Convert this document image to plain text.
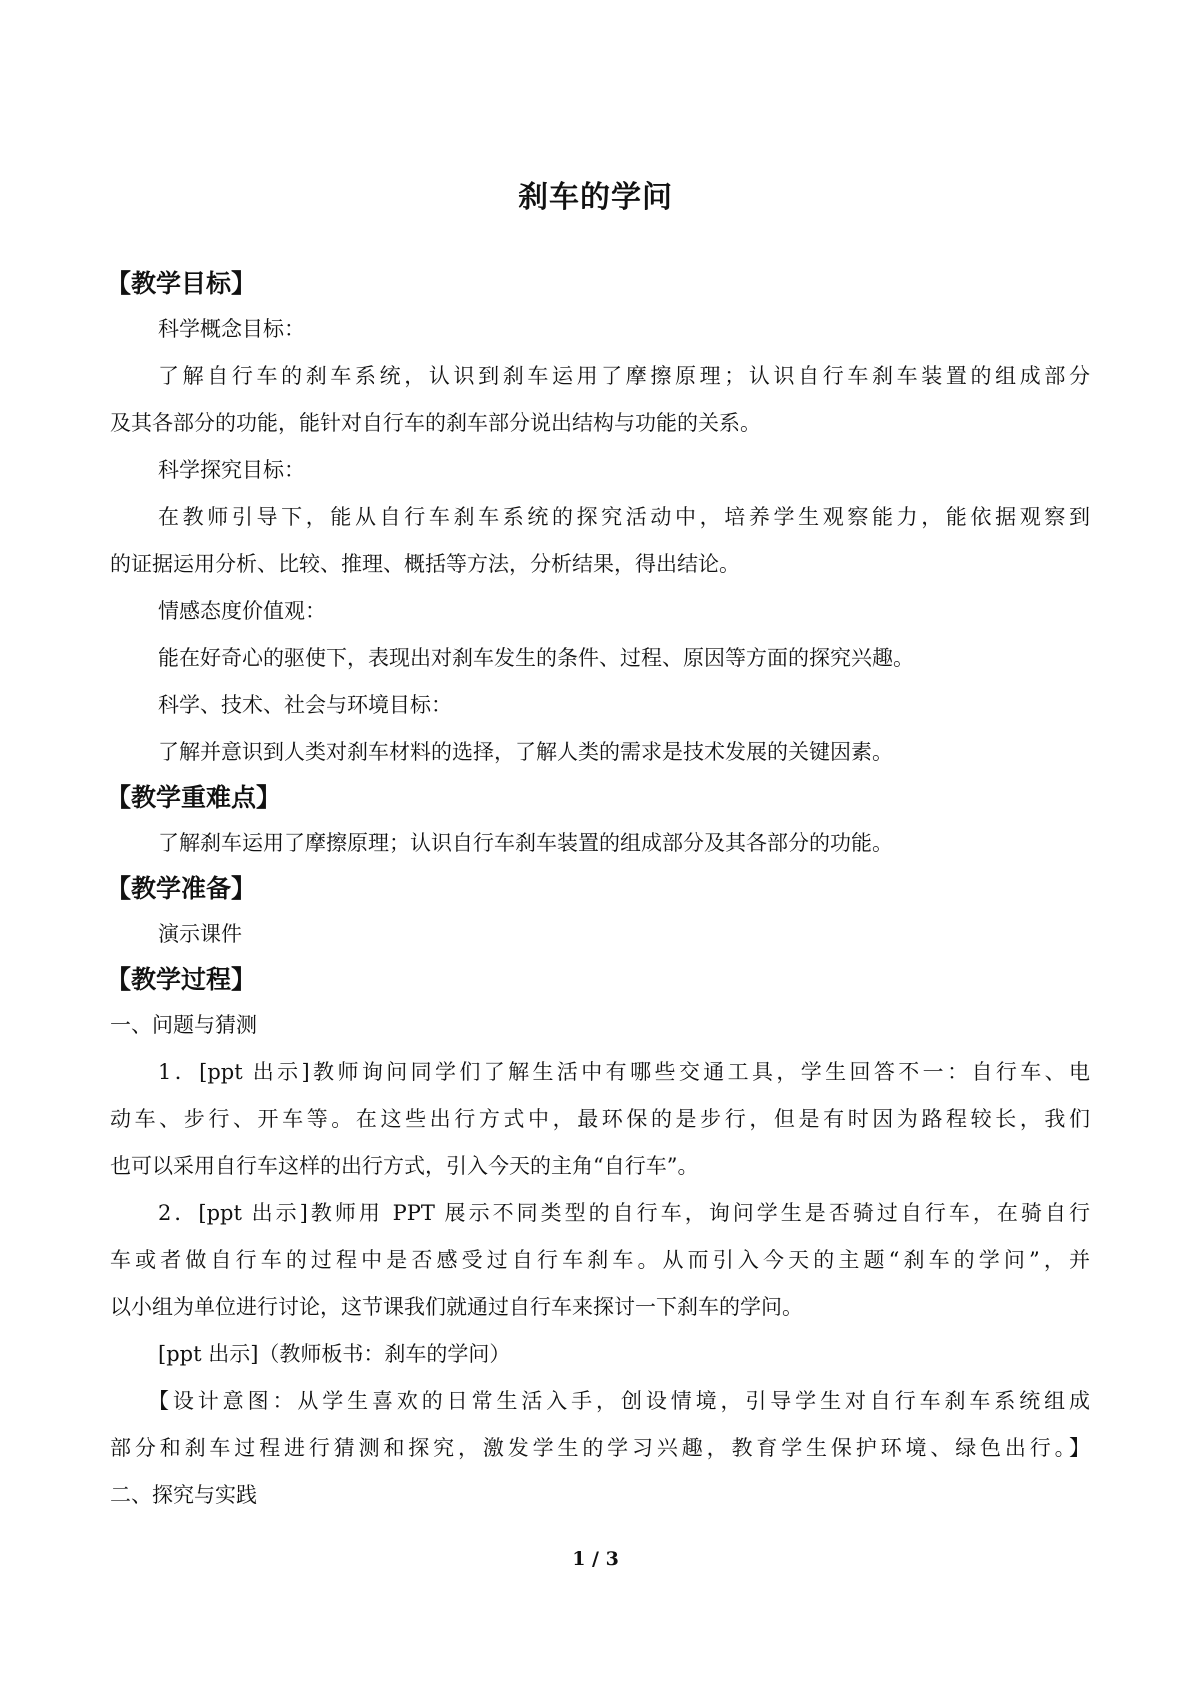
刹车的学问
【教学目标】
科学概念目标：
了解自行车的刹车系统，认识到刹车运用了摩擦原理；认识自行车刹车装置的组成部分
及其各部分的功能，能针对自行车的刹车部分说出结构与功能的关系。
科学探究目标：
在教师引导下，能从自行车刹车系统的探究活动中，培养学生观察能力，能依据观察到
的证据运用分析、比较、推理、概括等方法，分析结果，得出结论。
情感态度价值观：
能在好奇心的驱使下，表现出对刹车发生的条件、过程、原因等方面的探究兴趣。
科学、技术、社会与环境目标：
了解并意识到人类对刹车材料的选择，了解人类的需求是技术发展的关键因素。
【教学重难点】
了解刹车运用了摩擦原理；认识自行车刹车装置的组成部分及其各部分的功能。
【教学准备】
演示课件
【教学过程】
一、问题与猜测
1．[ppt 出示]教师询问同学们了解生活中有哪些交通工具，学生回答不一：自行车、电
动车、步行、开车等。在这些出行方式中，最环保的是步行，但是有时因为路程较长，我们
也可以采用自行车这样的出行方式，引入今天的主角“自行车”。
2．[ppt 出示]教师用 PPT 展示不同类型的自行车，询问学生是否骑过自行车，在骑自行
车或者做自行车的过程中是否感受过自行车刹车。从而引入今天的主题“刹车的学问”，并
以小组为单位进行讨论，这节课我们就通过自行车来探讨一下刹车的学问。
[ppt 出示]（教师板书：刹车的学问）
【设计意图：从学生喜欢的日常生活入手，创设情境，引导学生对自行车刹车系统组成
部分和刹车过程进行猜测和探究，激发学生的学习兴趣，教育学生保护环境、绿色出行。】
二、探究与实践
1 / 3
